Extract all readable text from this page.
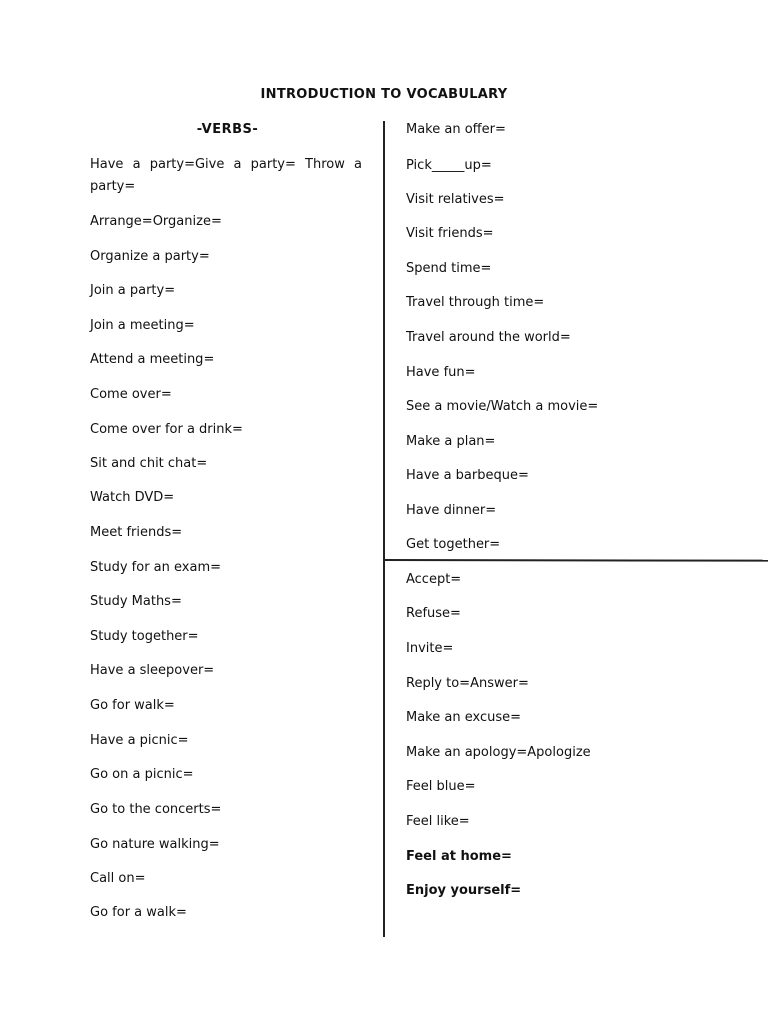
INTRODUCTION TO VOCABULARY
-VERBS-
Have a party=Give a party= Throw a party=
Arrange=Organize=
Organize a party=
Join a party=
Join a meeting=
Attend a meeting=
Come over=
Come over for a drink=
Sit and chit chat=
Watch DVD=
Meet friends=
Study for an exam=
Study Maths=
Study together=
Have a sleepover=
Go for walk=
Have a picnic=
Go on a picnic=
Go to the concerts=
Go nature walking=
Call on=
Go for a walk=
Make an offer=
Pick_____up=
Visit relatives=
Visit friends=
Spend time=
Travel through time=
Travel around the world=
Have fun=
See a movie/Watch a movie=
Make a plan=
Have a barbeque=
Have dinner=
Get together=
Accept=
Refuse=
Invite=
Reply to=Answer=
Make an excuse=
Make an apology=Apologize
Feel blue=
Feel like=
Feel at home=
Enjoy yourself=
